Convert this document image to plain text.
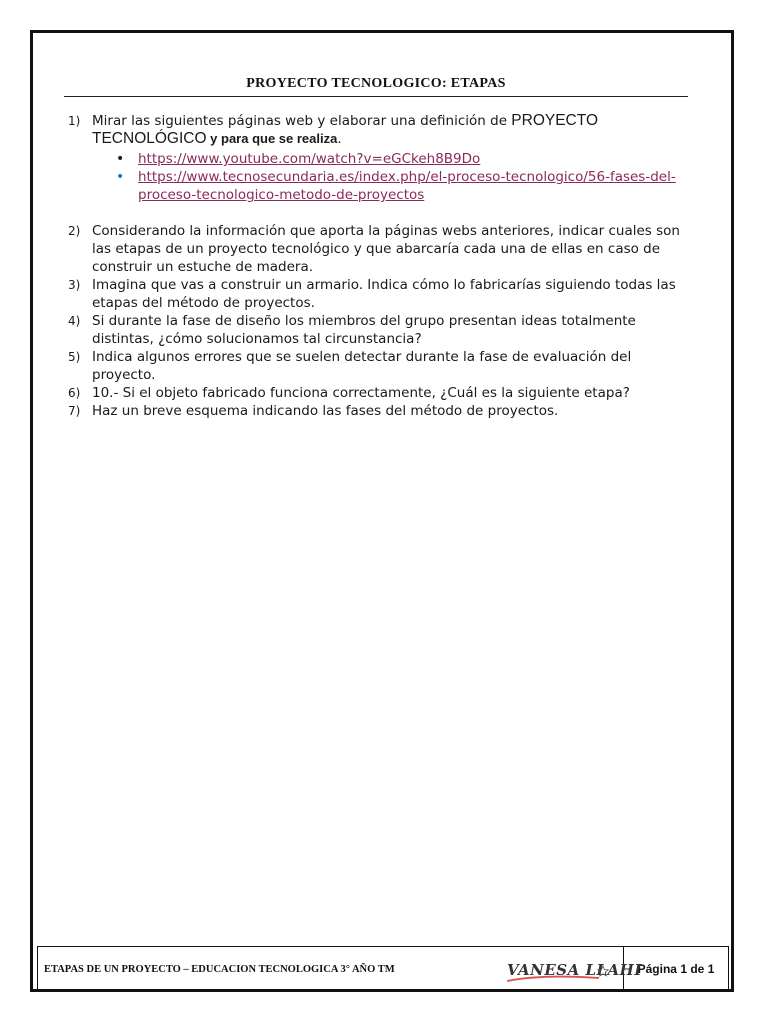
PROYECTO TECNOLOGICO: ETAPAS
1) Mirar las siguientes páginas web y elaborar una definición de PROYECTO TECNOLÓGICO y para que se realiza.
• https://www.youtube.com/watch?v=eGCkeh8B9Do
• https://www.tecnosecundaria.es/index.php/el-proceso-tecnologico/56-fases-del-proceso-tecnologico-metodo-de-proyectos
2) Considerando la información que aporta la páginas webs anteriores, indicar cuales son las etapas de un proyecto tecnológico y que abarcaría cada una de ellas en caso de construir un estuche de madera.
3) Imagina que vas a construir un armario. Indica cómo lo fabricarías siguiendo todas las etapas del método de proyectos.
4) Si durante la fase de diseño los miembros del grupo presentan ideas totalmente distintas, ¿cómo solucionamos tal circunstancia?
5) Indica algunos errores que se suelen detectar durante la fase de evaluación del proyecto.
6) 10.- Si el objeto fabricado funciona correctamente, ¿Cuál es la siguiente etapa?
7) Haz un breve esquema indicando las fases del método de proyectos.
ETAPAS DE UN PROYECTO – EDUCACION TECNOLOGICA 3° AÑO TM	VANESA LLAHI
Página
1
de
1
